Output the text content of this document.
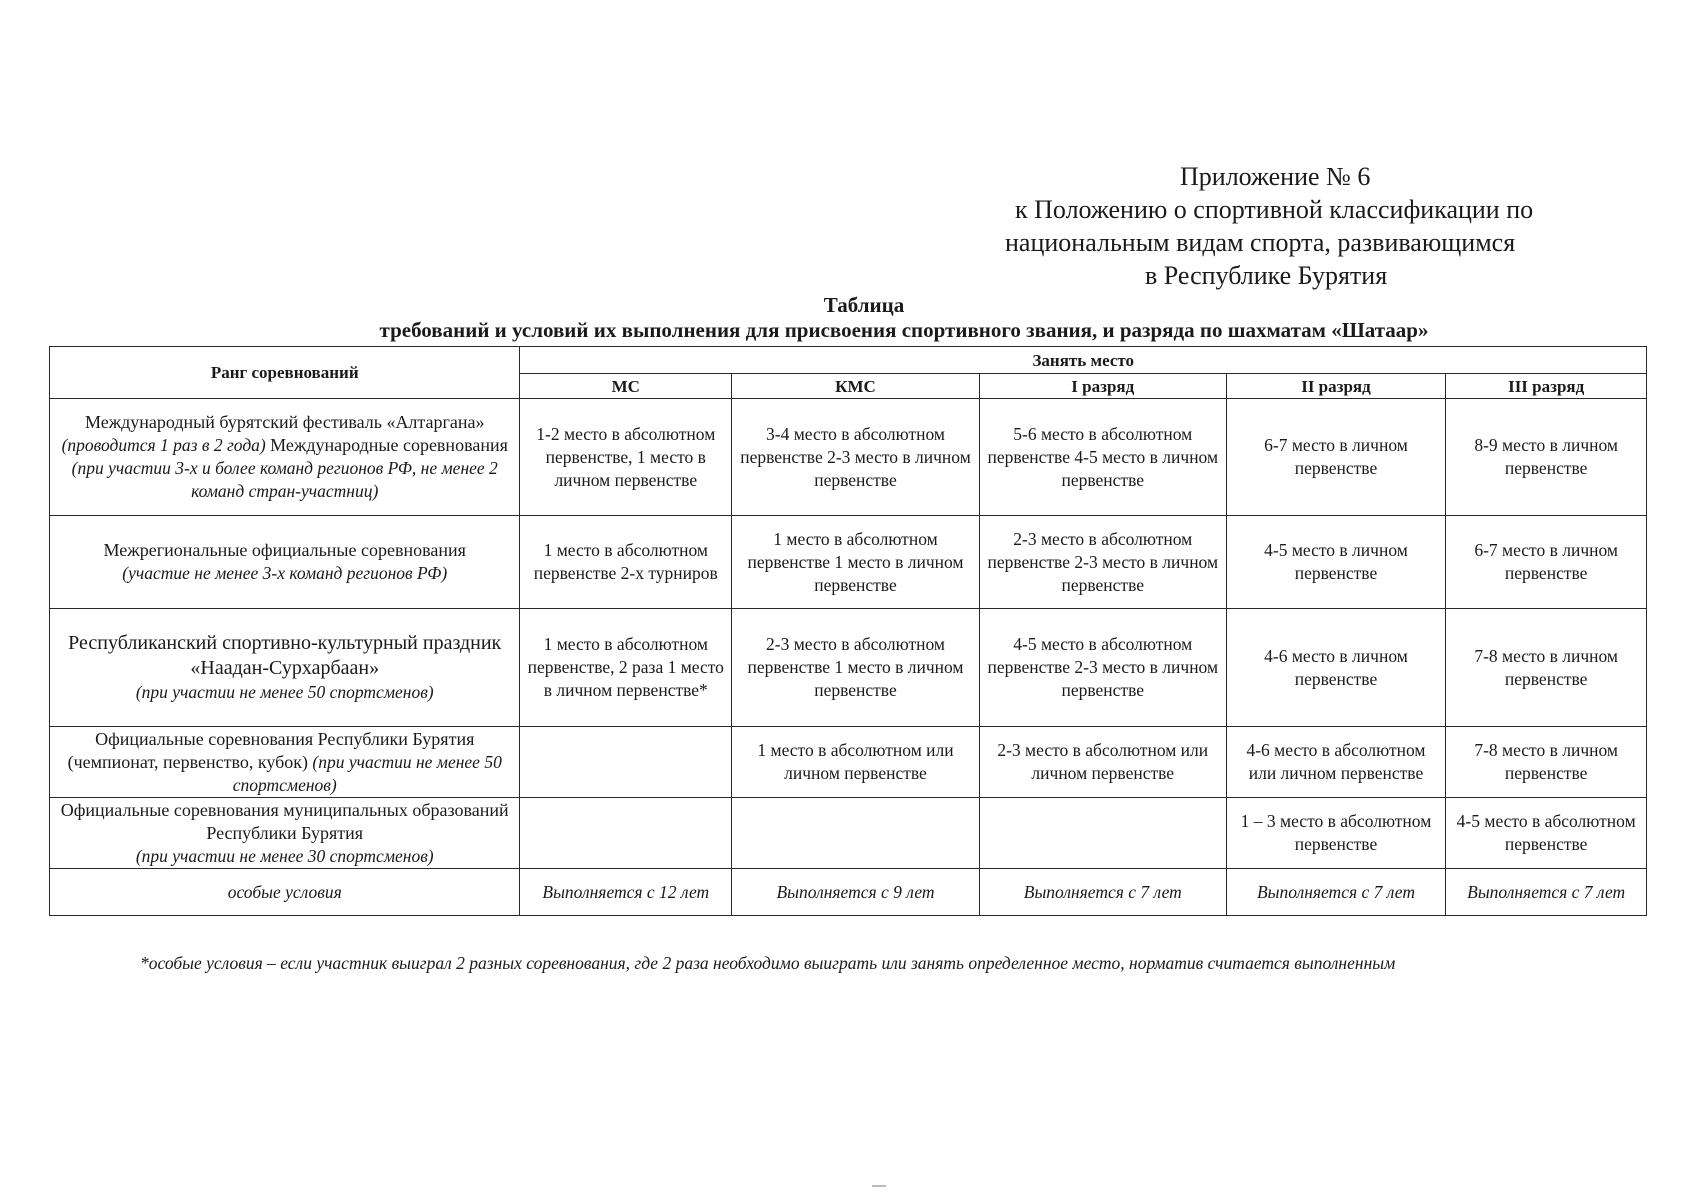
Приложение № 6
к Положению о спортивной классификации по
национальным видам спорта, развивающимся
в Республике Бурятия
Таблица
требований и условий их выполнения для присвоения спортивного звания, и разряда по шахматам «Шатаар»
Ранг соревнований	Занять место				
	МС	КМС	I разряд	II разряд	III разряд
Международный бурятский фестиваль «Алтаргана» (проводится 1 раз в 2 года) Международные соревнования (при участии 3-х и более команд регионов РФ, не менее 2 команд стран-участниц)	1-2 место в абсолютном первенстве, 1 место в личном первенстве	3-4 место в абсолютном первенстве 2-3 место в личном первенстве	5-6 место в абсолютном первенстве 4-5 место в личном первенстве	6-7 место в личном первенстве	8-9 место в личном первенстве

Межрегиональные официальные соревнования
(участие не менее 3-х команд регионов РФ)	1 место в абсолютном первенстве 2-х турниров	1 место в абсолютном первенстве 1 место в личном первенстве	2-3 место в абсолютном первенстве 2-3 место в личном первенстве	4-5 место в личном первенстве	6-7 место в личном первенстве

Республиканский спортивно-культурный праздник «Наадан-Сурхарбаан»
(при участии не менее 50 спортсменов)	1 место в абсолютном первенстве, 2 раза 1 место в личном первенстве*	2-3 место в абсолютном первенстве 1 место в личном первенстве	4-5 место в абсолютном первенстве 2-3 место в личном первенстве	4-6 место в личном первенстве	7-8 место в личном первенстве
Официальные соревнования Республики Бурятия (чемпионат, первенство, кубок) (при участии не менее 50 спортсменов)		1 место в абсолютном или личном первенстве	2-3 место в абсолютном или личном первенстве	4-6 место в абсолютном или личном первенстве	7-8 место в личном первенстве

Официальные соревнования муниципальных образований Республики Бурятия
(при участии не менее 30 спортсменов)				1 – 3 место в абсолютном первенстве	4-5 место в абсолютном первенстве
особые условия	Выполняется с 12 лет	Выполняется с 9 лет	Выполняется с 7 лет	Выполняется с 7 лет	Выполняется с 7 лет
*особые условия – если участник выиграл 2 разных соревнования, где 2 раза необходимо выиграть или занять определенное место, норматив считается выполненным
